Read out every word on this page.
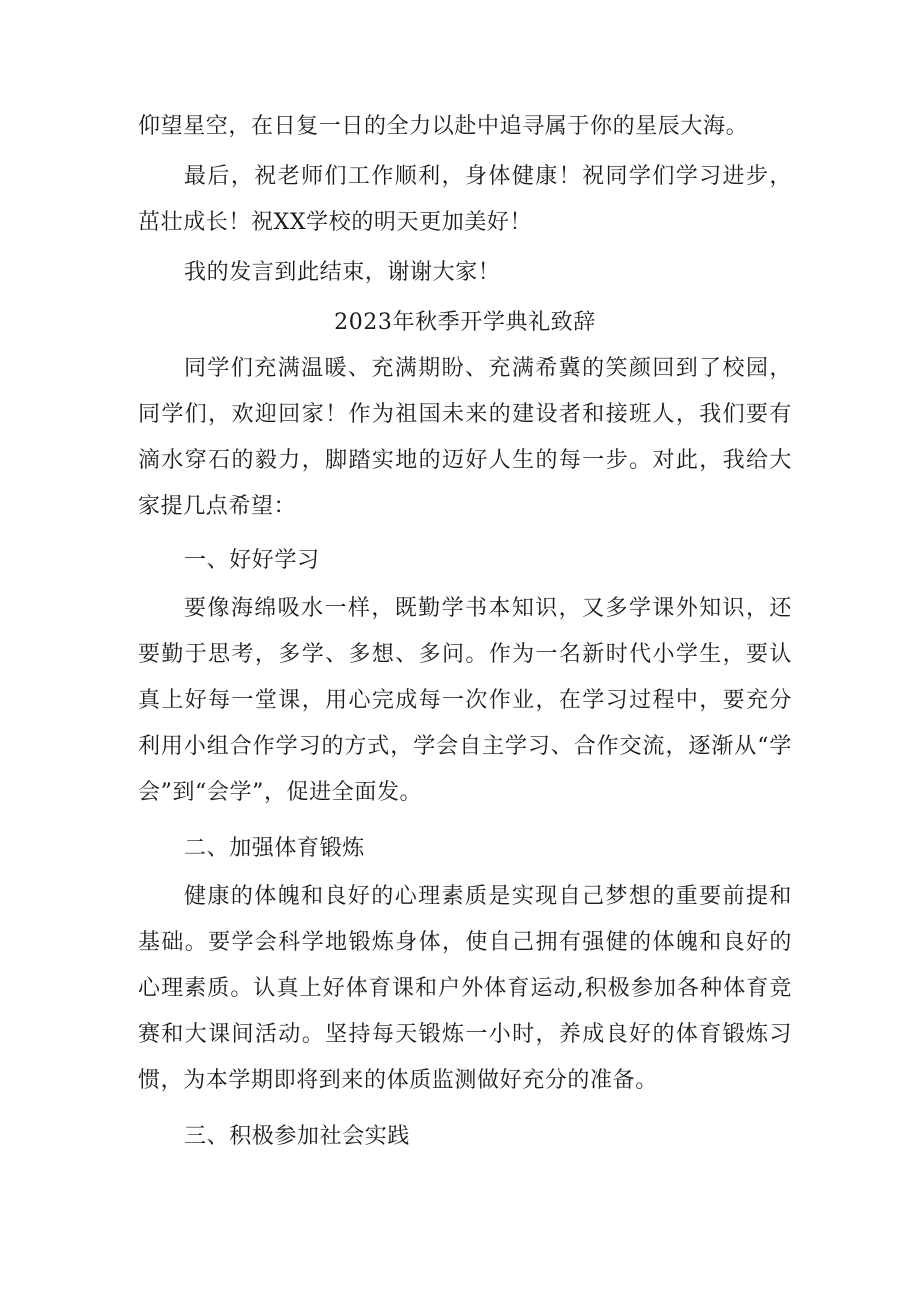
仰望星空，在日复一日的全力以赴中追寻属于你的星辰大海。

最后，祝老师们工作顺利，身体健康！祝同学们学习进步，茁壮成长！祝XX学校的明天更加美好！

我的发言到此结束，谢谢大家！

2023年秋季开学典礼致辞

同学们充满温暖、充满期盼、充满希冀的笑颜回到了校园，同学们，欢迎回家！作为祖国未来的建设者和接班人，我们要有滴水穿石的毅力，脚踏实地的迈好人生的每一步。对此，我给大家提几点希望：

一、好好学习

要像海绵吸水一样，既勤学书本知识，又多学课外知识，还要勤于思考，多学、多想、多问。作为一名新时代小学生，要认真上好每一堂课，用心完成每一次作业，在学习过程中，要充分利用小组合作学习的方式，学会自主学习、合作交流，逐渐从“学会”到“会学”，促进全面发。

二、加强体育锻炼

健康的体魄和良好的心理素质是实现自己梦想的重要前提和基础。要学会科学地锻炼身体，使自己拥有强健的体魄和良好的心理素质。认真上好体育课和户外体育运动,积极参加各种体育竞赛和大课间活动。坚持每天锻炼一小时，养成良好的体育锻炼习惯，为本学期即将到来的体质监测做好充分的准备。

三、积极参加社会实践
